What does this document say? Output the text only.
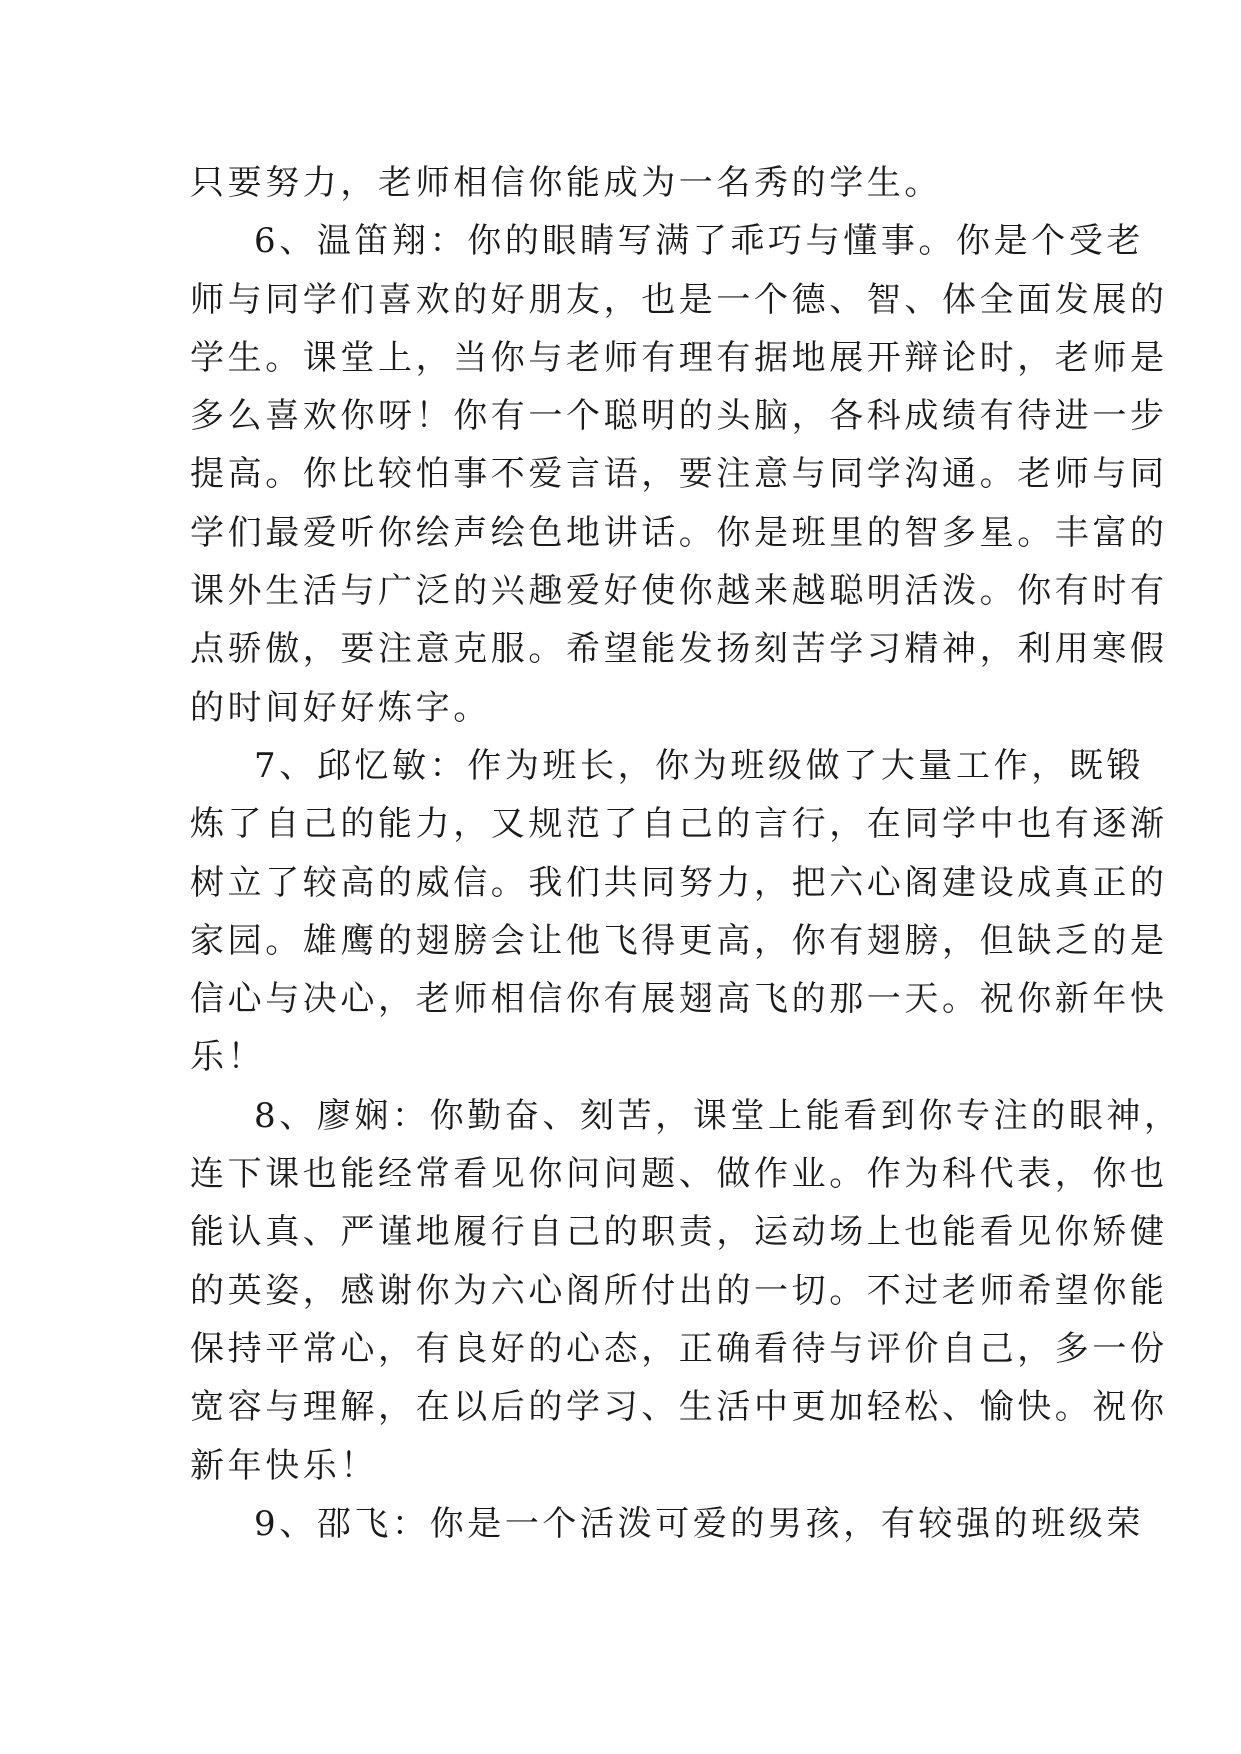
只要努力，老师相信你能成为一名秀的学生。
6、温笛翔：你的眼睛写满了乖巧与懂事。你是个受老
师与同学们喜欢的好朋友，也是一个德、智、体全面发展的
学生。课堂上，当你与老师有理有据地展开辩论时，老师是
多么喜欢你呀！你有一个聪明的头脑，各科成绩有待进一步
提高。你比较怕事不爱言语，要注意与同学沟通。老师与同
学们最爱听你绘声绘色地讲话。你是班里的智多星。丰富的
课外生活与广泛的兴趣爱好使你越来越聪明活泼。你有时有
点骄傲，要注意克服。希望能发扬刻苦学习精神，利用寒假
的时间好好炼字。
7、邱忆敏：作为班长，你为班级做了大量工作，既锻
炼了自己的能力，又规范了自己的言行，在同学中也有逐渐
树立了较高的威信。我们共同努力，把六心阁建设成真正的
家园。雄鹰的翅膀会让他飞得更高，你有翅膀，但缺乏的是
信心与决心，老师相信你有展翅高飞的那一天。祝你新年快
乐！
8、廖娴：你勤奋、刻苦，课堂上能看到你专注的眼神，
连下课也能经常看见你问问题、做作业。作为科代表，你也
能认真、严谨地履行自己的职责，运动场上也能看见你矫健
的英姿，感谢你为六心阁所付出的一切。不过老师希望你能
保持平常心，有良好的心态，正确看待与评价自己，多一份
宽容与理解，在以后的学习、生活中更加轻松、愉快。祝你
新年快乐！
9、邵飞：你是一个活泼可爱的男孩，有较强的班级荣
